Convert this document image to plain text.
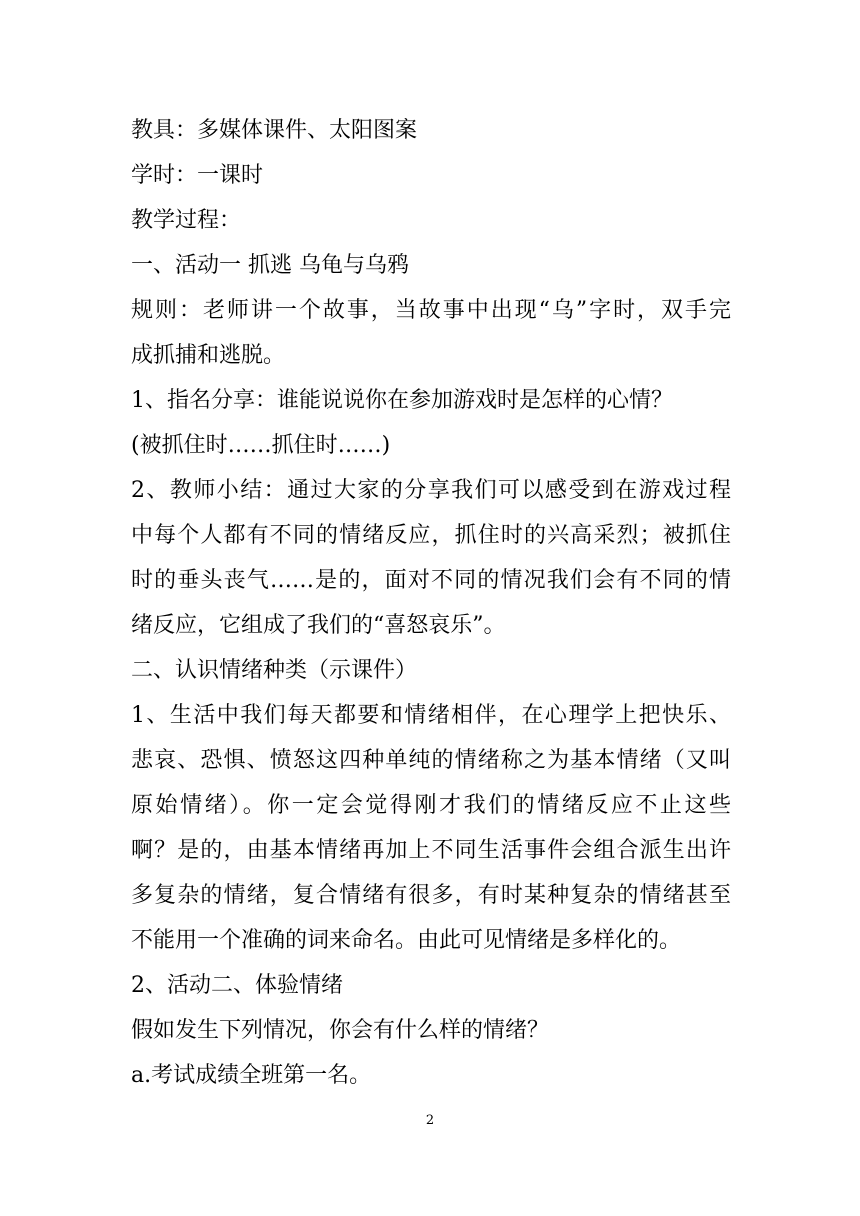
教具：多媒体课件、太阳图案
学时：一课时
教学过程：
一、活动一 抓逃 乌龟与乌鸦
规则：老师讲一个故事，当故事中出现“乌”字时，双手完
成抓捕和逃脱。
1、指名分享：谁能说说你在参加游戏时是怎样的心情？
(被抓住时……抓住时……)
2、教师小结：通过大家的分享我们可以感受到在游戏过程
中每个人都有不同的情绪反应，抓住时的兴高采烈；被抓住
时的垂头丧气……是的，面对不同的情况我们会有不同的情
绪反应，它组成了我们的“喜怒哀乐”。
二、认识情绪种类（示课件）
1、生活中我们每天都要和情绪相伴，在心理学上把快乐、
悲哀、恐惧、愤怒这四种单纯的情绪称之为基本情绪（又叫
原始情绪）。你一定会觉得刚才我们的情绪反应不止这些
啊？是的，由基本情绪再加上不同生活事件会组合派生出许
多复杂的情绪，复合情绪有很多，有时某种复杂的情绪甚至
不能用一个准确的词来命名。由此可见情绪是多样化的。
2、活动二、体验情绪
假如发生下列情况，你会有什么样的情绪？
a.考试成绩全班第一名。
2
